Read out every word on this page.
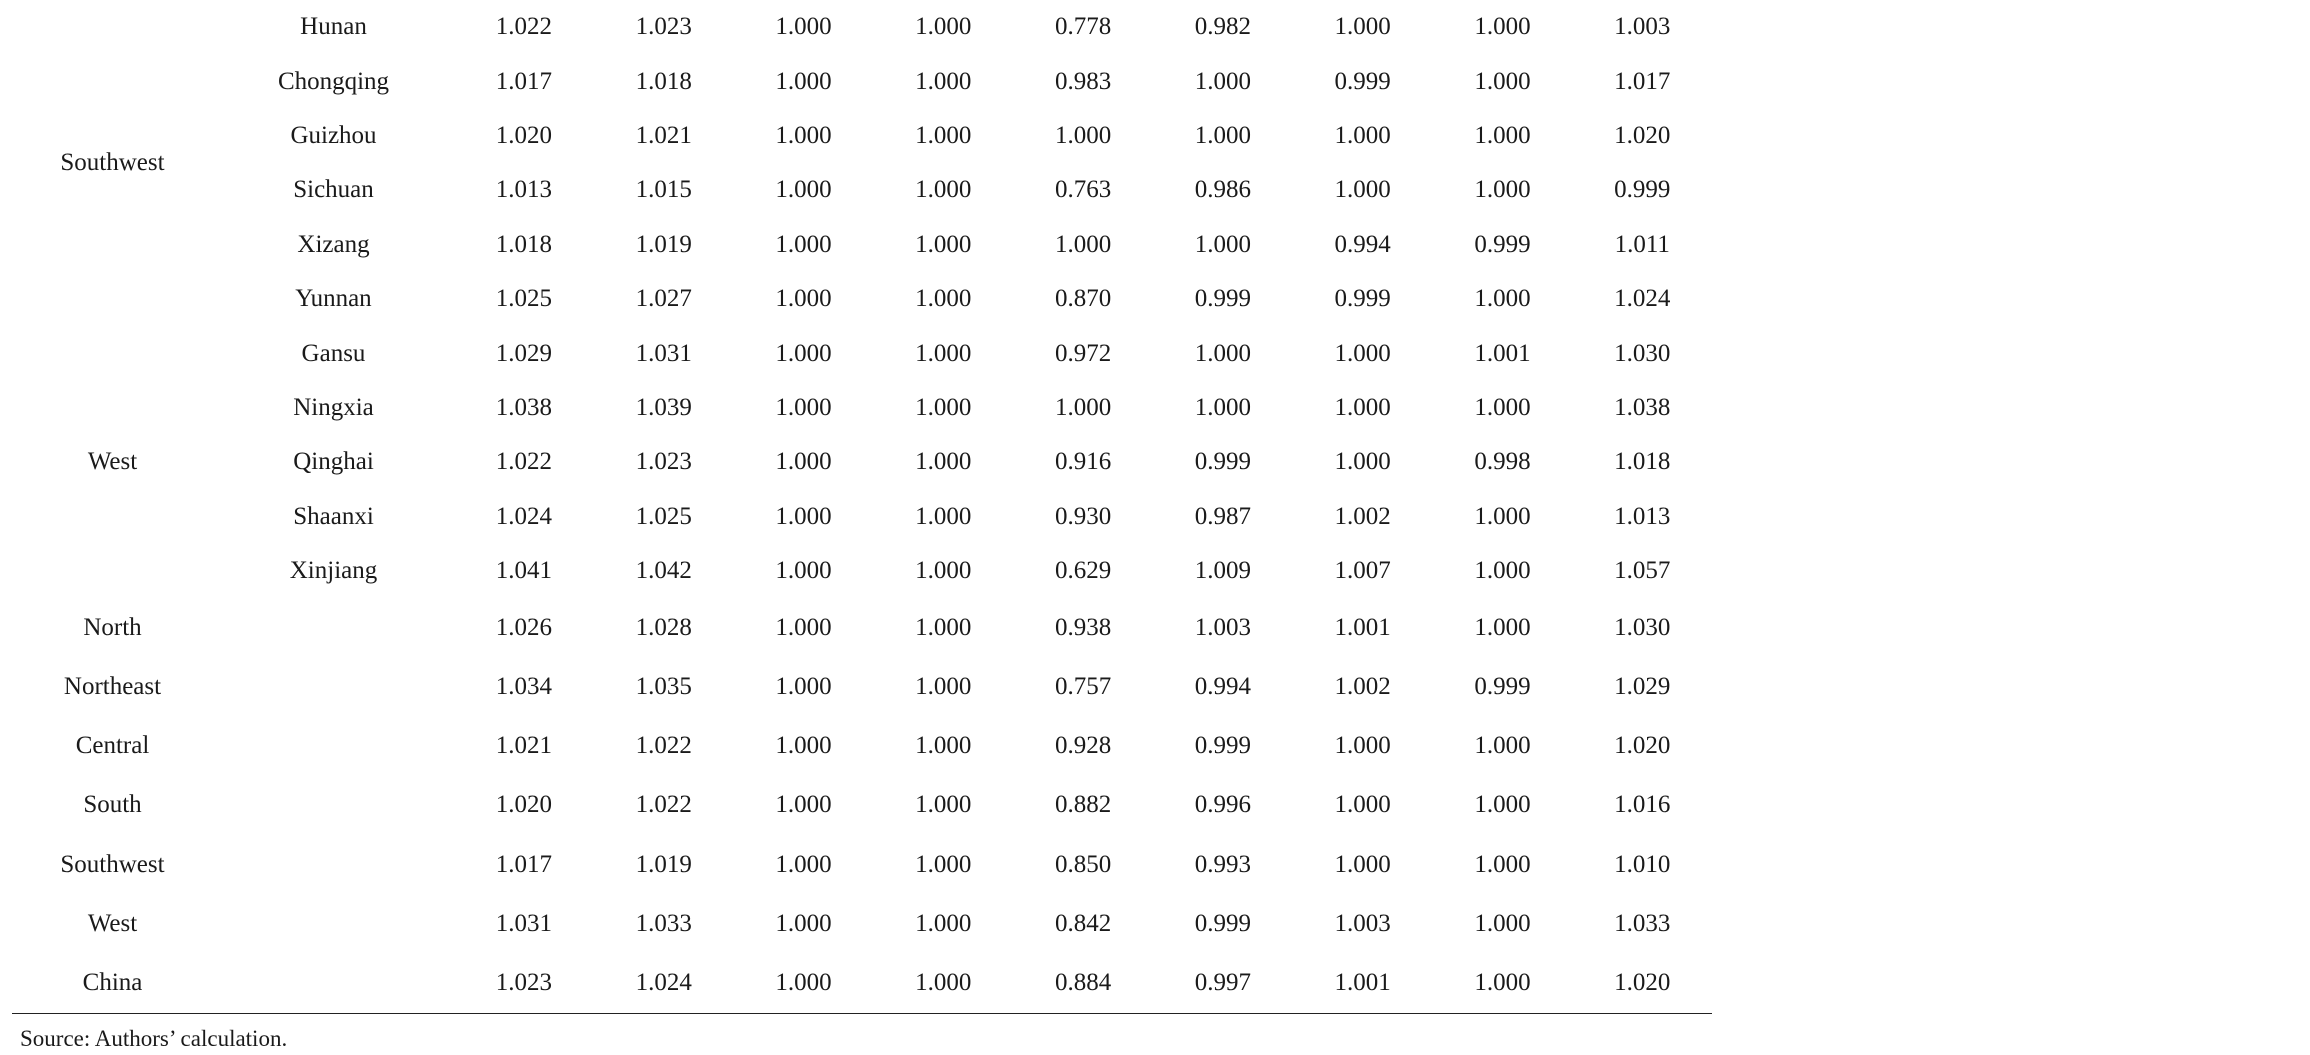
Southwest	Hunan	1.022	1.023	1.000	1.000	0.778	0.982	1.000	1.000	1.003
	Chongqing	1.017	1.018	1.000	1.000	0.983	1.000	0.999	1.000	1.017
	Guizhou	1.020	1.021	1.000	1.000	1.000	1.000	1.000	1.000	1.020
	Sichuan	1.013	1.015	1.000	1.000	0.763	0.986	1.000	1.000	0.999
	Xizang	1.018	1.019	1.000	1.000	1.000	1.000	0.994	0.999	1.011
	Yunnan	1.025	1.027	1.000	1.000	0.870	0.999	0.999	1.000	1.024
West	Gansu	1.029	1.031	1.000	1.000	0.972	1.000	1.000	1.001	1.030
	Ningxia	1.038	1.039	1.000	1.000	1.000	1.000	1.000	1.000	1.038
	Qinghai	1.022	1.023	1.000	1.000	0.916	0.999	1.000	0.998	1.018
	Shaanxi	1.024	1.025	1.000	1.000	0.930	0.987	1.002	1.000	1.013
	Xinjiang	1.041	1.042	1.000	1.000	0.629	1.009	1.007	1.000	1.057
North		1.026	1.028	1.000	1.000	0.938	1.003	1.001	1.000	1.030
Northeast		1.034	1.035	1.000	1.000	0.757	0.994	1.002	0.999	1.029
Central		1.021	1.022	1.000	1.000	0.928	0.999	1.000	1.000	1.020
South		1.020	1.022	1.000	1.000	0.882	0.996	1.000	1.000	1.016
Southwest		1.017	1.019	1.000	1.000	0.850	0.993	1.000	1.000	1.010
West		1.031	1.033	1.000	1.000	0.842	0.999	1.003	1.000	1.033
China		1.023	1.024	1.000	1.000	0.884	0.997	1.001	1.000	1.020
Source: Authors’ calculation.
